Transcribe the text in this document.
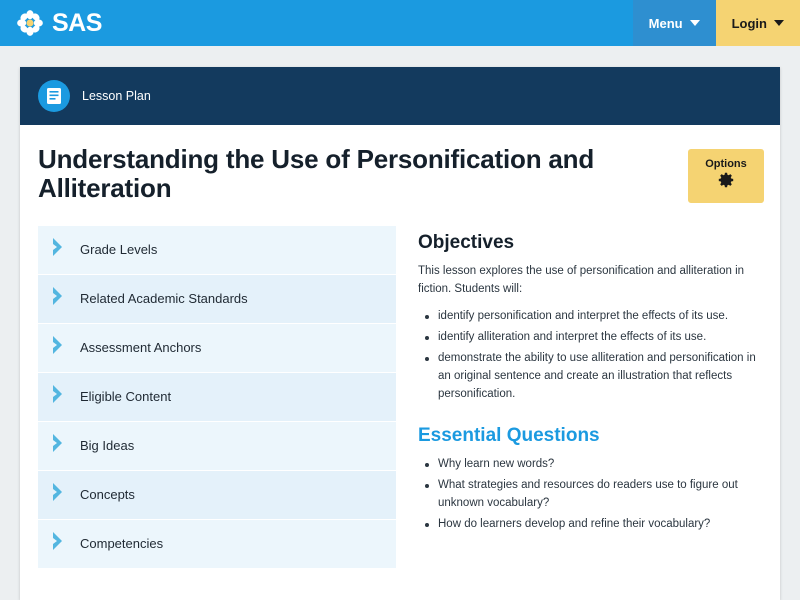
SAS	Menu	Login
Lesson Plan
Understanding the Use of Personification and Alliteration
Options
Grade Levels
Related Academic Standards
Assessment Anchors
Eligible Content
Big Ideas
Concepts
Competencies
Objectives

This lesson explores the use of personification and alliteration in fiction. Students will:

identify personification and interpret the effects of its use.
identify alliteration and interpret the effects of its use.
demonstrate the ability to use alliteration and personification in an original sentence and create an illustration that reflects personification.
Essential Questions
Why learn new words?
What strategies and resources do readers use to figure out unknown vocabulary?
How do learners develop and refine their vocabulary?
